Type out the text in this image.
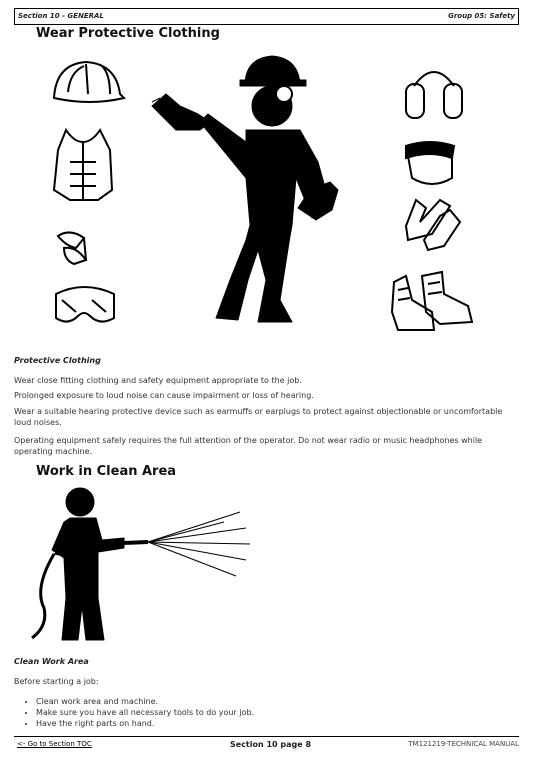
Section 10 - GENERAL	Group 05: Safety
Wear Protective Clothing

Protective Clothing

Wear close fitting clothing and safety equipment appropriate to the job.

Prolonged exposure to loud noise can cause impairment or loss of hearing.

Wear a suitable hearing protective device such as earmuffs or earplugs to protect against objectionable or uncomfortable loud noises.

Operating equipment safely requires the full attention of the operator. Do not wear radio or music headphones while operating machine.

Work in Clean Area

Clean Work Area

Before starting a job:

• Clean work area and machine.
• Make sure you have all necessary tools to do your job.
• Have the right parts on hand.
<- Go to Section TOC	Section 10 page 8	TM121219-TECHNICAL MANUAL
